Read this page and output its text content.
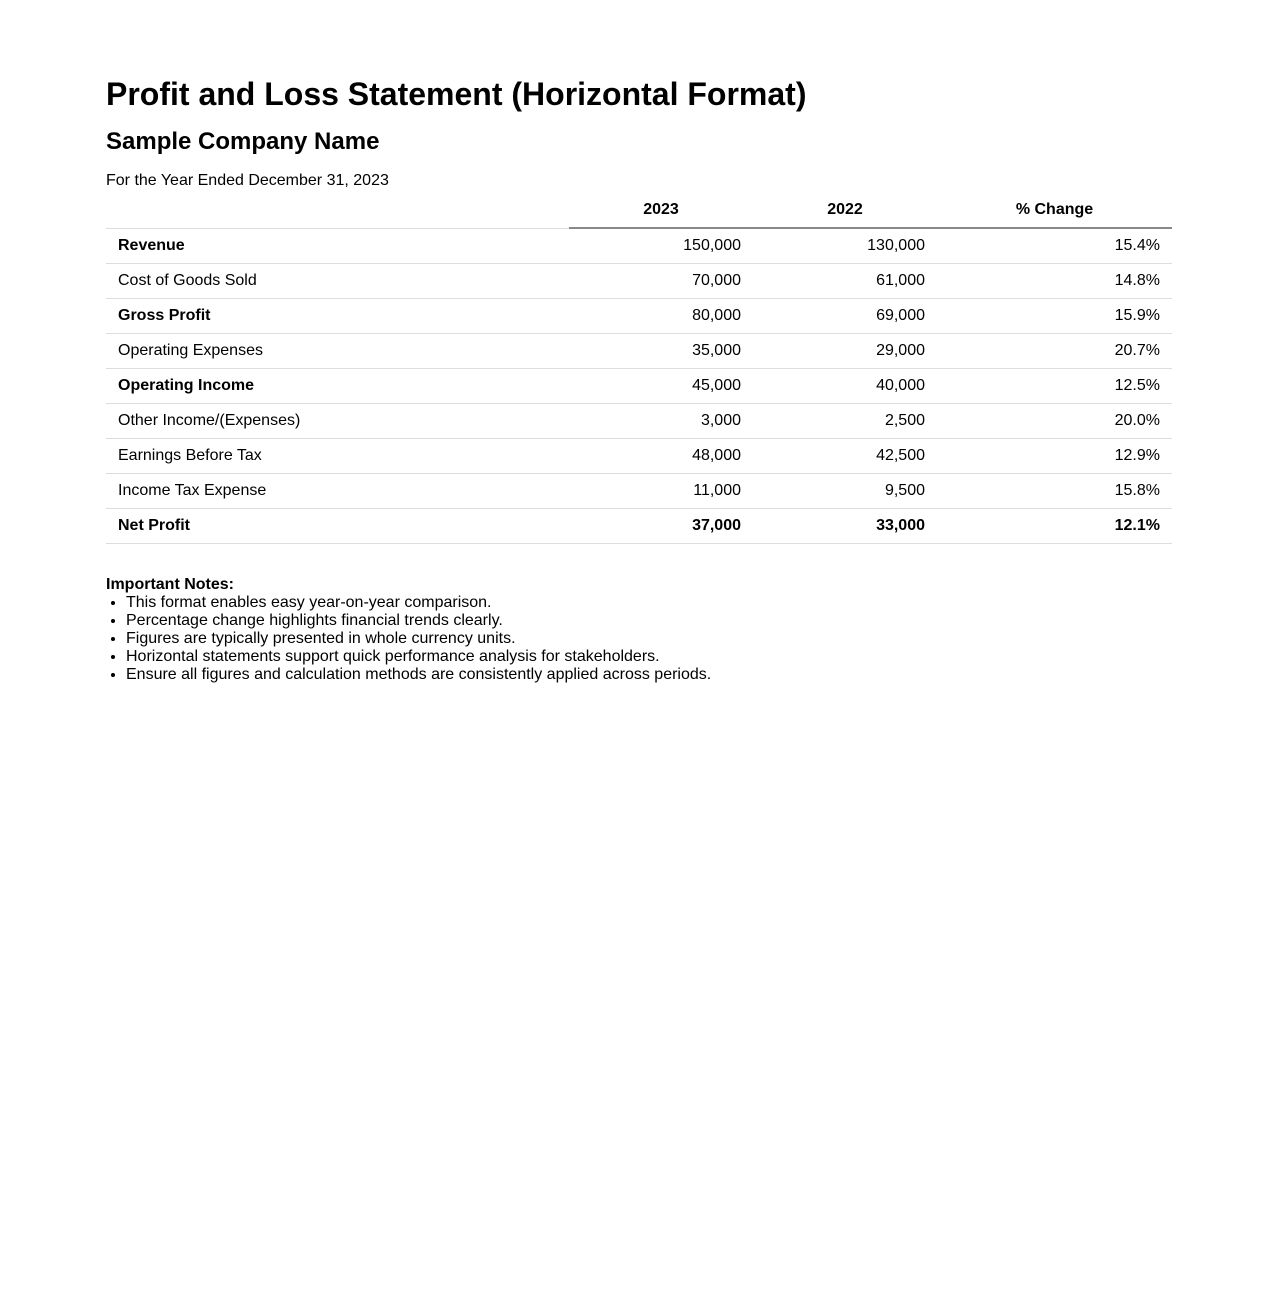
Profit and Loss Statement (Horizontal Format)
Sample Company Name
For the Year Ended December 31, 2023
	2023	2022	% Change
Revenue	150,000	130,000	15.4%
Cost of Goods Sold	70,000	61,000	14.8%
Gross Profit	80,000	69,000	15.9%
Operating Expenses	35,000	29,000	20.7%
Operating Income	45,000	40,000	12.5%
Other Income/(Expenses)	3,000	2,500	20.0%
Earnings Before Tax	48,000	42,500	12.9%
Income Tax Expense	11,000	9,500	15.8%
Net Profit	37,000	33,000	12.1%
Important Notes:
• This format enables easy year-on-year comparison.
• Percentage change highlights financial trends clearly.
• Figures are typically presented in whole currency units.
• Horizontal statements support quick performance analysis for stakeholders.
• Ensure all figures and calculation methods are consistently applied across periods.
